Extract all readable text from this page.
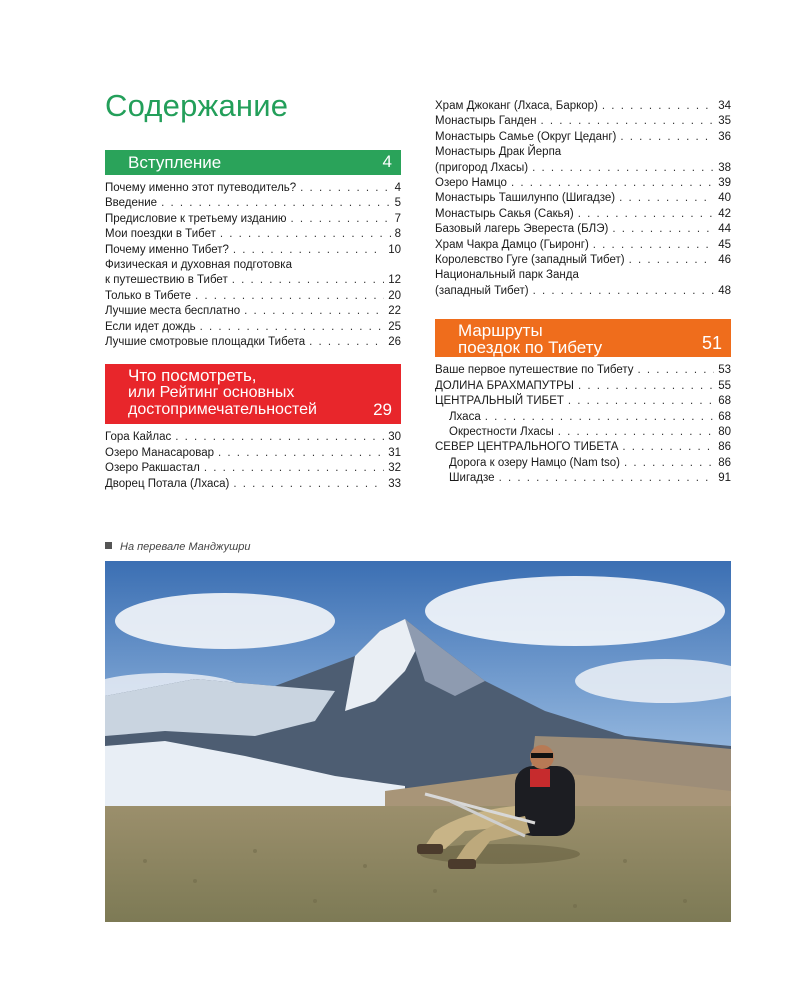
Содержание
Вступление	4
Почему именно этот путеводитель? . . .	4
Введение . . .	5
Предисловие к третьему изданию . . .	7
Мои поездки в Тибет . . .	8
Почему именно Тибет? . . .	10
Физическая и духовная подготовка
к путешествию в Тибет . . .	12
Только в Тибете . . .	20
Лучшие места бесплатно . . .	22
Если идет дождь . . .	25
Лучшие смотровые площадки Тибета . . .	26
Что посмотреть,
или Рейтинг основных
достопримечательностей	29
Гора Кайлас . . .	30
Озеро Манасаровар . . .	31
Озеро Ракшастал . . .	32
Дворец Потала (Лхаса) . . .	33
Храм Джоканг (Лхаса, Баркор) . . .	34
Монастырь Ганден . . .	35
Монастырь Самье (Округ Цеданг) . . .	36
Монастырь Драк Йерпа
(пригород Лхасы) . . .	38
Озеро Намцо . . .	39
Монастырь Ташилунпо (Шигадзе) . . .	40
Монастырь Сакья (Сакья) . . .	42
Базовый лагерь Эвереста (БЛЭ) . . .	44
Храм Чакра Дамцо (Гьиронг) . . .	45
Королевство Гуге (западный Тибет) . . .	46
Национальный парк Занда
(западный Тибет) . . .	48
Маршруты
поездок по Тибету	51
Ваше первое путешествие по Тибету . . .	53
ДОЛИНА БРАХМАПУТРЫ . . .	55
ЦЕНТРАЛЬНЫЙ ТИБЕТ . . .	68
Лхаса . . .	68
Окрестности Лхасы . . .	80
СЕВЕР ЦЕНТРАЛЬНОГО ТИБЕТА . . .	86
Дорога к озеру Намцо (Nam tso) . . .	86
Шигадзе . . .	91
На перевале Манджушри
